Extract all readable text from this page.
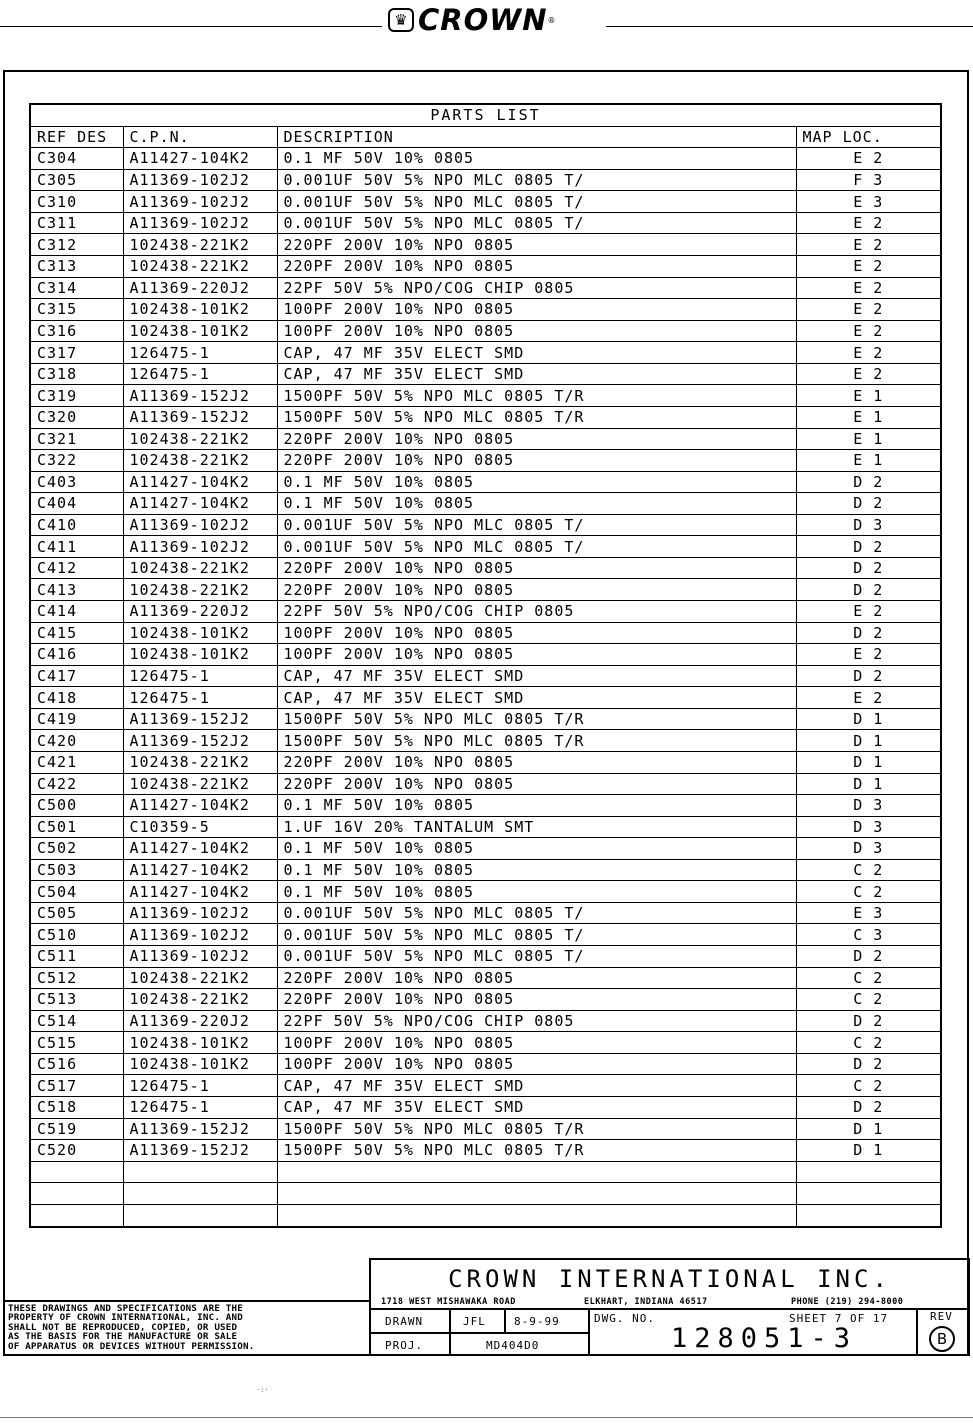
♛ CROWN ®
PARTS LIST			
REF DES	C.P.N.	DESCRIPTION	MAP LOC.
C304	A11427-104K2	0.1 MF 50V 10% 0805	E 2
C305	A11369-102J2	0.001UF 50V 5% NPO MLC 0805 T/	F 3
C310	A11369-102J2	0.001UF 50V 5% NPO MLC 0805 T/	E 3
C311	A11369-102J2	0.001UF 50V 5% NPO MLC 0805 T/	E 2
C312	102438-221K2	220PF 200V 10% NPO 0805	E 2
C313	102438-221K2	220PF 200V 10% NPO 0805	E 2
C314	A11369-220J2	22PF 50V 5% NPO/COG CHIP 0805	E 2
C315	102438-101K2	100PF 200V 10% NPO 0805	E 2
C316	102438-101K2	100PF 200V 10% NPO 0805	E 2
C317	126475-1	CAP, 47 MF 35V ELECT SMD	E 2
C318	126475-1	CAP, 47 MF 35V ELECT SMD	E 2
C319	A11369-152J2	1500PF 50V 5% NPO MLC 0805 T/R	E 1
C320	A11369-152J2	1500PF 50V 5% NPO MLC 0805 T/R	E 1
C321	102438-221K2	220PF 200V 10% NPO 0805	E 1
C322	102438-221K2	220PF 200V 10% NPO 0805	E 1
C403	A11427-104K2	0.1 MF 50V 10% 0805	D 2
C404	A11427-104K2	0.1 MF 50V 10% 0805	D 2
C410	A11369-102J2	0.001UF 50V 5% NPO MLC 0805 T/	D 3
C411	A11369-102J2	0.001UF 50V 5% NPO MLC 0805 T/	D 2
C412	102438-221K2	220PF 200V 10% NPO 0805	D 2
C413	102438-221K2	220PF 200V 10% NPO 0805	D 2
C414	A11369-220J2	22PF 50V 5% NPO/COG CHIP 0805	E 2
C415	102438-101K2	100PF 200V 10% NPO 0805	D 2
C416	102438-101K2	100PF 200V 10% NPO 0805	E 2
C417	126475-1	CAP, 47 MF 35V ELECT SMD	D 2
C418	126475-1	CAP, 47 MF 35V ELECT SMD	E 2
C419	A11369-152J2	1500PF 50V 5% NPO MLC 0805 T/R	D 1
C420	A11369-152J2	1500PF 50V 5% NPO MLC 0805 T/R	D 1
C421	102438-221K2	220PF 200V 10% NPO 0805	D 1
C422	102438-221K2	220PF 200V 10% NPO 0805	D 1
C500	A11427-104K2	0.1 MF 50V 10% 0805	D 3
C501	C10359-5	1.UF 16V 20% TANTALUM SMT	D 3
C502	A11427-104K2	0.1 MF 50V 10% 0805	D 3
C503	A11427-104K2	0.1 MF 50V 10% 0805	C 2
C504	A11427-104K2	0.1 MF 50V 10% 0805	C 2
C505	A11369-102J2	0.001UF 50V 5% NPO MLC 0805 T/	E 3
C510	A11369-102J2	0.001UF 50V 5% NPO MLC 0805 T/	C 3
C511	A11369-102J2	0.001UF 50V 5% NPO MLC 0805 T/	D 2
C512	102438-221K2	220PF 200V 10% NPO 0805	C 2
C513	102438-221K2	220PF 200V 10% NPO 0805	C 2
C514	A11369-220J2	22PF 50V 5% NPO/COG CHIP 0805	D 2
C515	102438-101K2	100PF 200V 10% NPO 0805	C 2
C516	102438-101K2	100PF 200V 10% NPO 0805	D 2
C517	126475-1	CAP, 47 MF 35V ELECT SMD	C 2
C518	126475-1	CAP, 47 MF 35V ELECT SMD	D 2
C519	A11369-152J2	1500PF 50V 5% NPO MLC 0805 T/R	D 1
C520	A11369-152J2	1500PF 50V 5% NPO MLC 0805 T/R	D 1

THESE DRAWINGS AND SPECIFICATIONS ARE THE
PROPERTY OF CROWN INTERNATIONAL, INC. AND
SHALL NOT BE REPRODUCED, COPIED, OR USED
AS THE BASIS FOR THE MANUFACTURE OR SALE
OF APPARATUS OR DEVICES WITHOUT PERMISSION.
CROWN INTERNATIONAL INC.
1718 WEST MISHAWAKA ROAD	ELKHART, INDIANA 46517	PHONE (219) 294-8000
DRAWN	JFL	8-9-99
PROJ.	MD404D0
DWG. NO.	SHEET 7 OF 17
128051-3
REV
B
·:·
